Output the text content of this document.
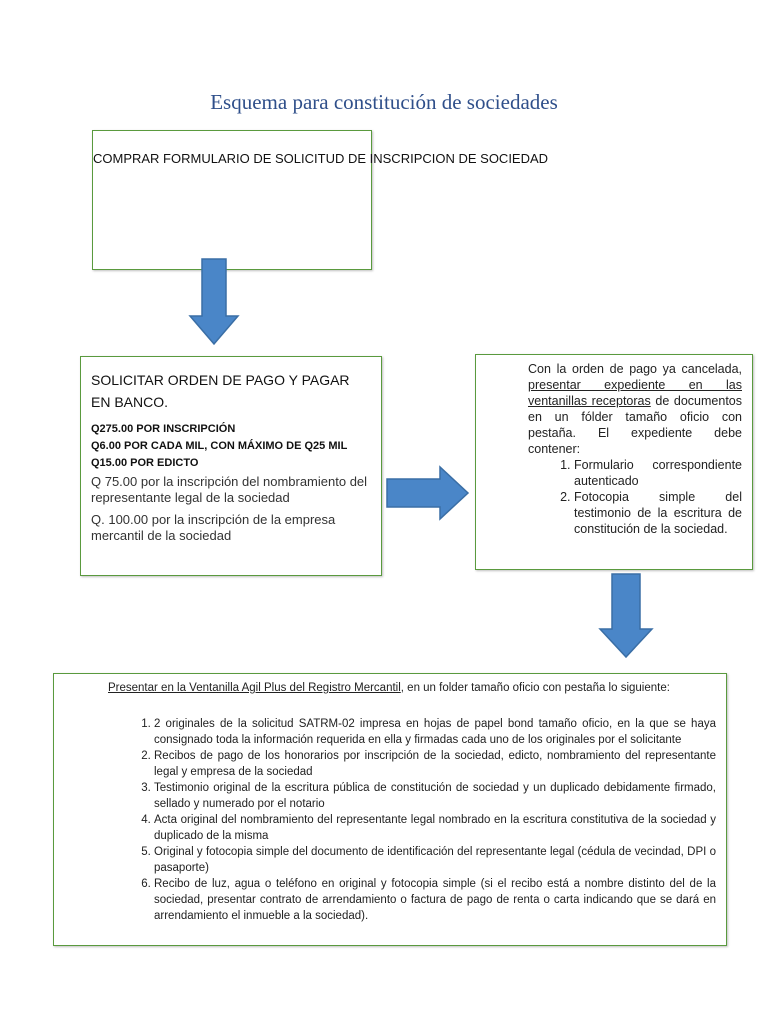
Esquema para constitución de sociedades
COMPRAR FORMULARIO DE SOLICITUD DE INSCRIPCION DE SOCIEDAD
SOLICITAR ORDEN DE PAGO Y PAGAR EN BANCO.
Q275.00 POR INSCRIPCIÓN
Q6.00 POR CADA MIL, CON MÁXIMO DE Q25 MIL
Q15.00 POR EDICTO
Q 75.00 por la inscripción del nombramiento del representante legal de la sociedad
Q. 100.00 por la inscripción de la empresa mercantil de la sociedad
Con la orden de pago ya cancelada, presentar expediente en las ventanillas receptoras de documentos en un fólder tamaño oficio con pestaña. El expediente debe contener:
1. Formulario correspondiente autenticado
2. Fotocopia simple del testimonio de la escritura de constitución de la sociedad.
Presentar en la Ventanilla Agil Plus del Registro Mercantil, en un folder tamaño oficio con pestaña lo siguiente:
1. 2 originales de la solicitud SATRM-02 impresa en hojas de papel bond tamaño oficio, en la que se haya consignado toda la información requerida en ella y firmadas cada uno de los originales por el solicitante
2. Recibos de pago de los honorarios por inscripción de la sociedad, edicto, nombramiento del representante legal y empresa de la sociedad
3. Testimonio original de la escritura pública de constitución de sociedad y un duplicado debidamente firmado, sellado y numerado por el notario
4. Acta original del nombramiento del representante legal nombrado en la escritura constitutiva de la sociedad y duplicado de la misma
5. Original y fotocopia simple del documento de identificación del representante legal (cédula de vecindad, DPI o pasaporte)
6. Recibo de luz, agua o teléfono en original y fotocopia simple (si el recibo está a nombre distinto del de la sociedad, presentar contrato de arrendamiento o factura de pago de renta o carta indicando que se dará en arrendamiento el inmueble a la sociedad).
